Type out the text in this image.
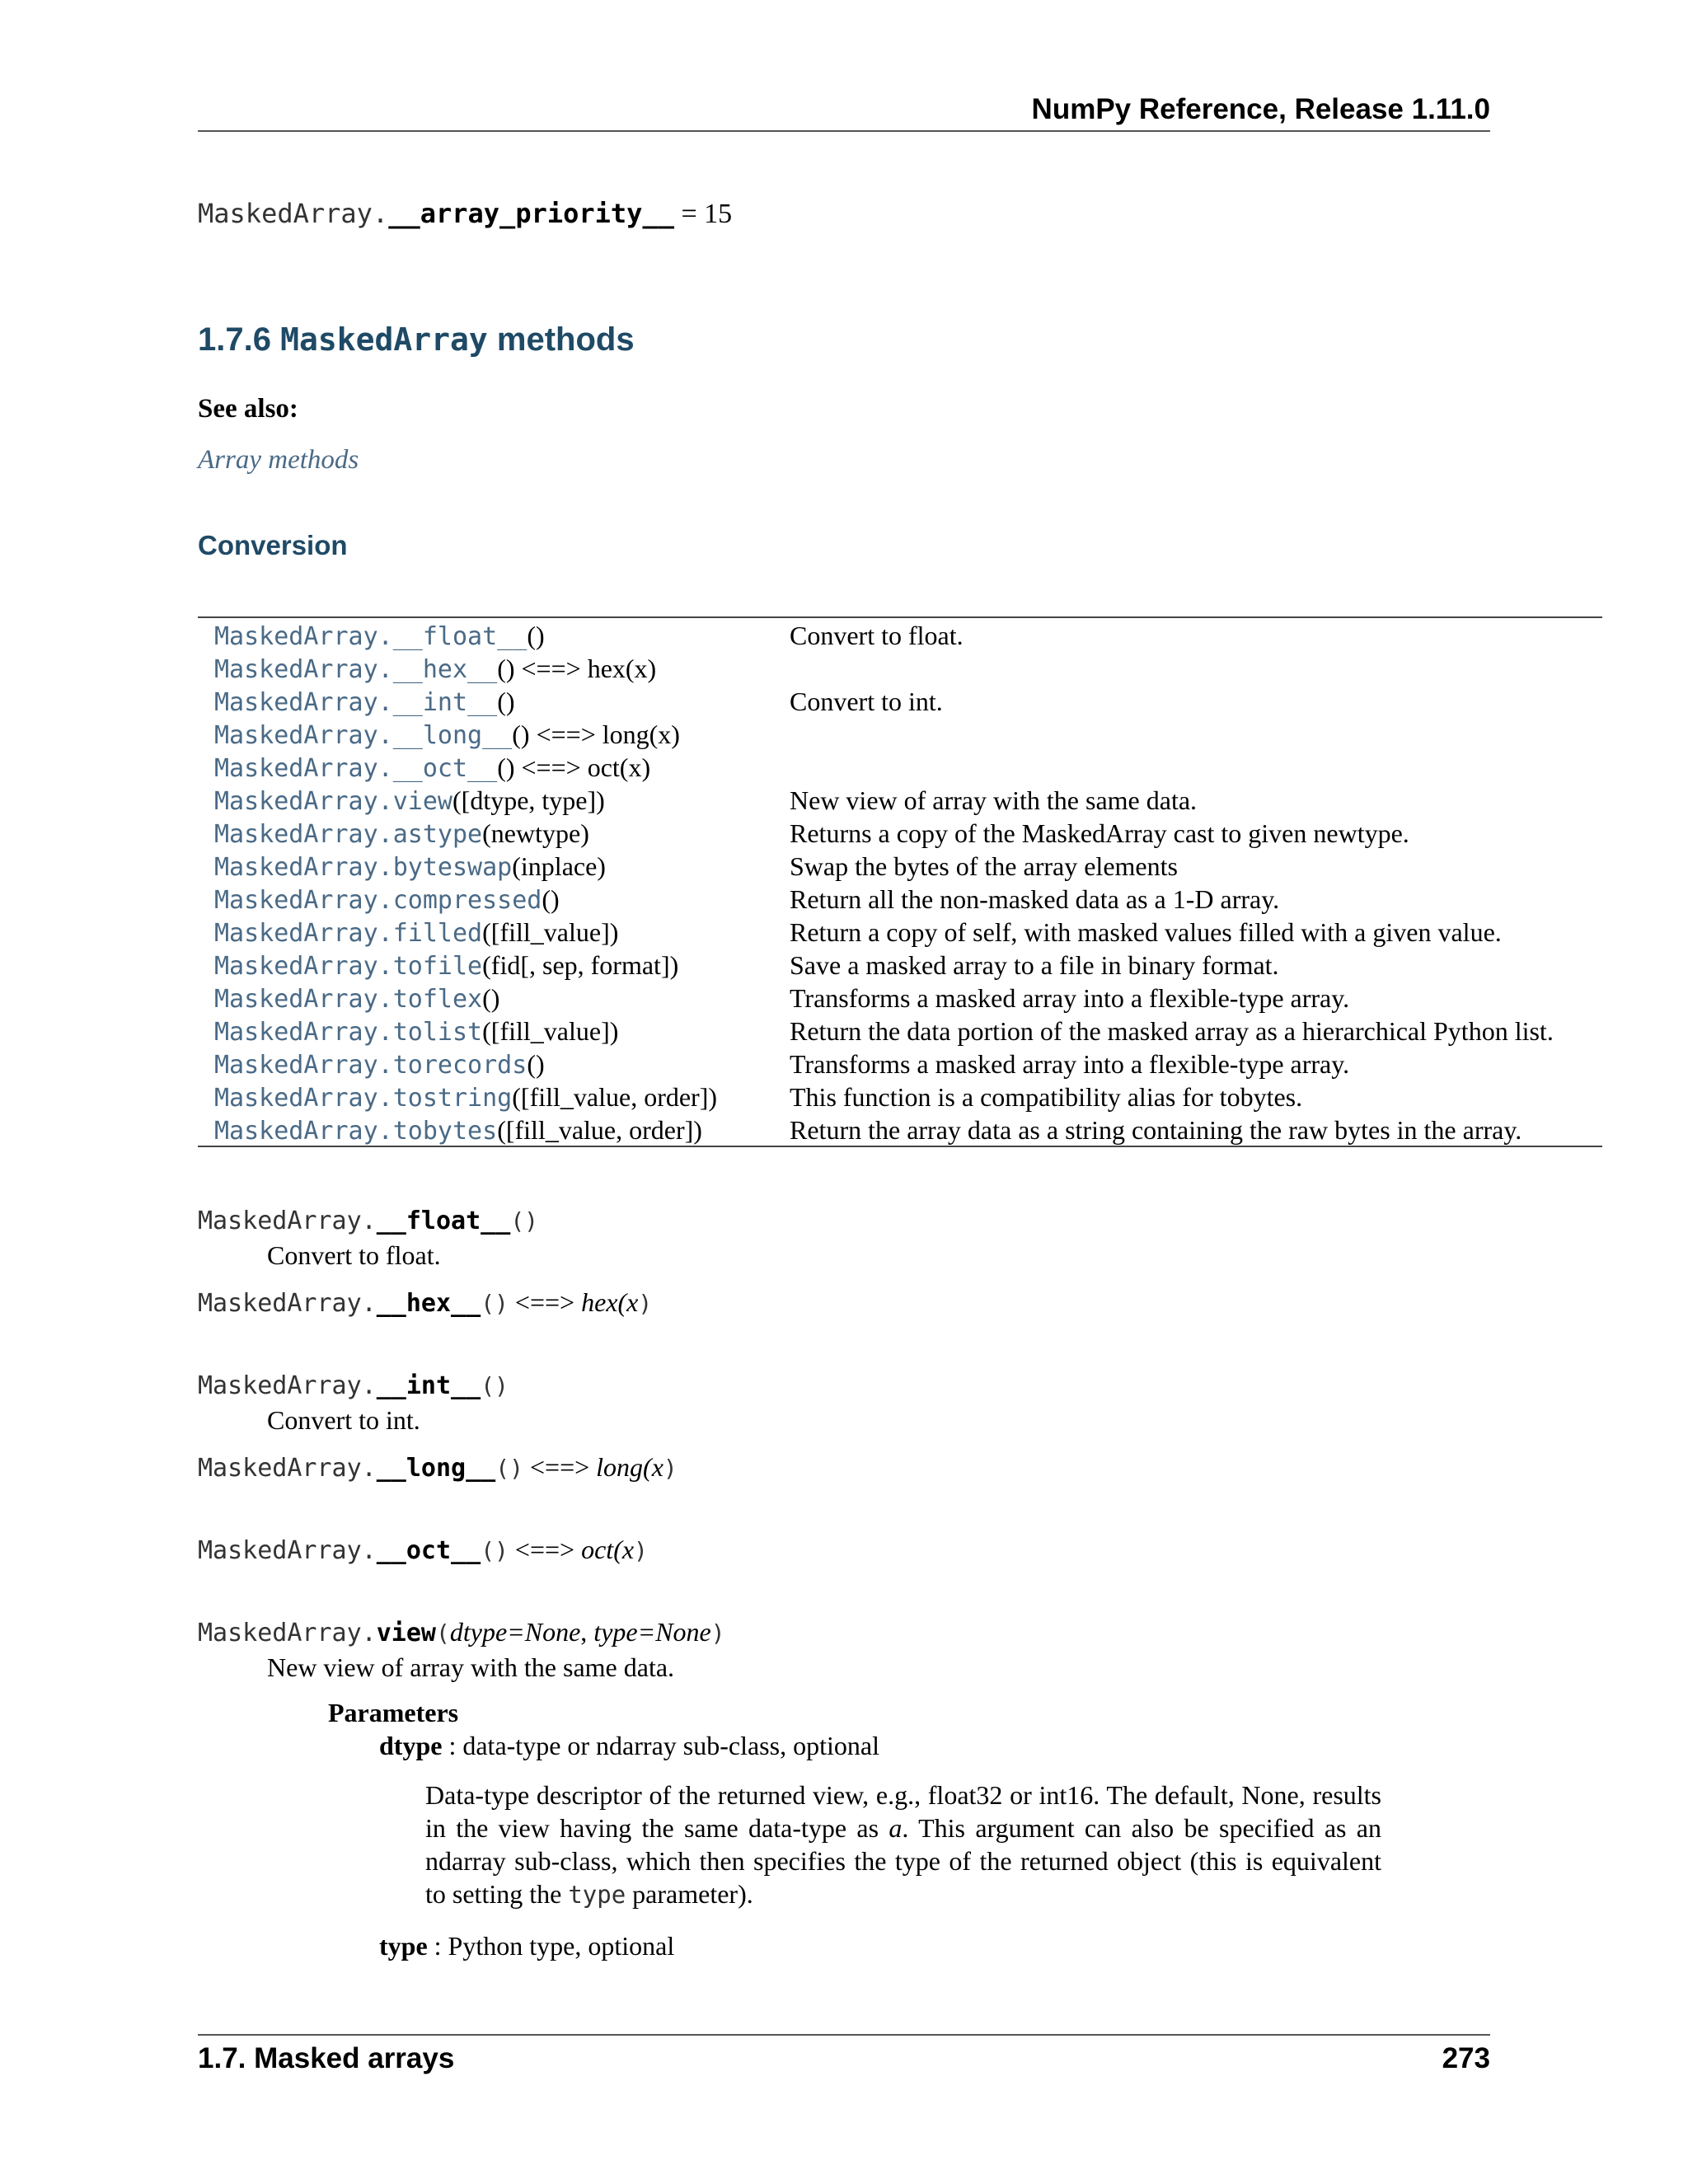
NumPy Reference, Release 1.11.0
MaskedArray.__array_priority__ = 15
1.7.6 MaskedArray methods
See also:
Array methods
Conversion
MaskedArray.__float__()	Convert to float.
MaskedArray.__hex__() <==> hex(x)
MaskedArray.__int__()	Convert to int.
MaskedArray.__long__() <==> long(x)
MaskedArray.__oct__() <==> oct(x)
MaskedArray.view([dtype, type])	New view of array with the same data.
MaskedArray.astype(newtype)	Returns a copy of the MaskedArray cast to given newtype.
MaskedArray.byteswap(inplace)	Swap the bytes of the array elements
MaskedArray.compressed()	Return all the non-masked data as a 1-D array.
MaskedArray.filled([fill_value])	Return a copy of self, with masked values filled with a given value.
MaskedArray.tofile(fid[, sep, format])	Save a masked array to a file in binary format.
MaskedArray.toflex()	Transforms a masked array into a flexible-type array.
MaskedArray.tolist([fill_value])	Return the data portion of the masked array as a hierarchical Python list.
MaskedArray.torecords()	Transforms a masked array into a flexible-type array.
MaskedArray.tostring([fill_value, order])	This function is a compatibility alias for tobytes.
MaskedArray.tobytes([fill_value, order])	Return the array data as a string containing the raw bytes in the array.
MaskedArray.__float__()
Convert to float.
MaskedArray.__hex__() <==> hex(x)
MaskedArray.__int__()
Convert to int.
MaskedArray.__long__() <==> long(x)
MaskedArray.__oct__() <==> oct(x)
MaskedArray.view(dtype=None, type=None)
New view of array with the same data.
Parameters
dtype : data-type or ndarray sub-class, optional
Data-type descriptor of the returned view, e.g., float32 or int16. The default, None, results in the view having the same data-type as a. This argument can also be specified as an ndarray sub-class, which then specifies the type of the returned object (this is equivalent to setting the type parameter).
type : Python type, optional
1.7. Masked arrays	273
